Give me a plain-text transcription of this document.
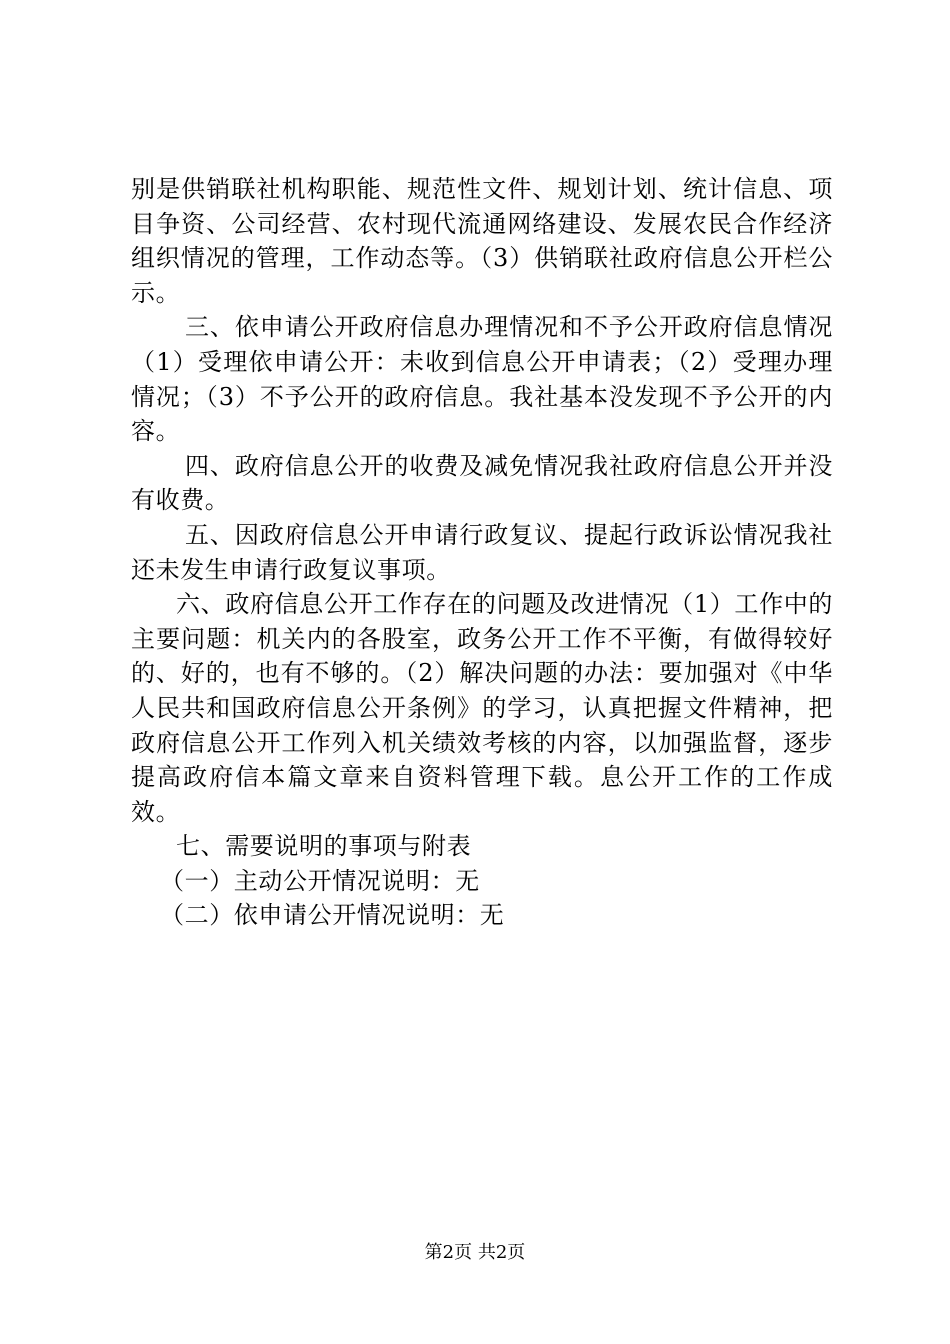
别是供销联社机构职能、规范性文件、规划计划、统计信息、项目争资、公司经营、农村现代流通网络建设、发展农民合作经济组织情况的管理，工作动态等。（3）供销联社政府信息公开栏公示。

三、依申请公开政府信息办理情况和不予公开政府信息情况（1）受理依申请公开：未收到信息公开申请表；（2）受理办理情况；（3）不予公开的政府信息。我社基本没发现不予公开的内容。

四、政府信息公开的收费及减免情况我社政府信息公开并没有收费。

五、因政府信息公开申请行政复议、提起行政诉讼情况我社还未发生申请行政复议事项。

六、政府信息公开工作存在的问题及改进情况（1）工作中的主要问题：机关内的各股室，政务公开工作不平衡，有做得较好的、好的，也有不够的。（2）解决问题的办法：要加强对《中华人民共和国政府信息公开条例》的学习，认真把握文件精神，把政府信息公开工作列入机关绩效考核的内容，以加强监督，逐步提高政府信本篇文章来自资料管理下载。息公开工作的工作成效。

七、需要说明的事项与附表

（一）主动公开情况说明：无

（二）依申请公开情况说明：无

第2页 共2页
